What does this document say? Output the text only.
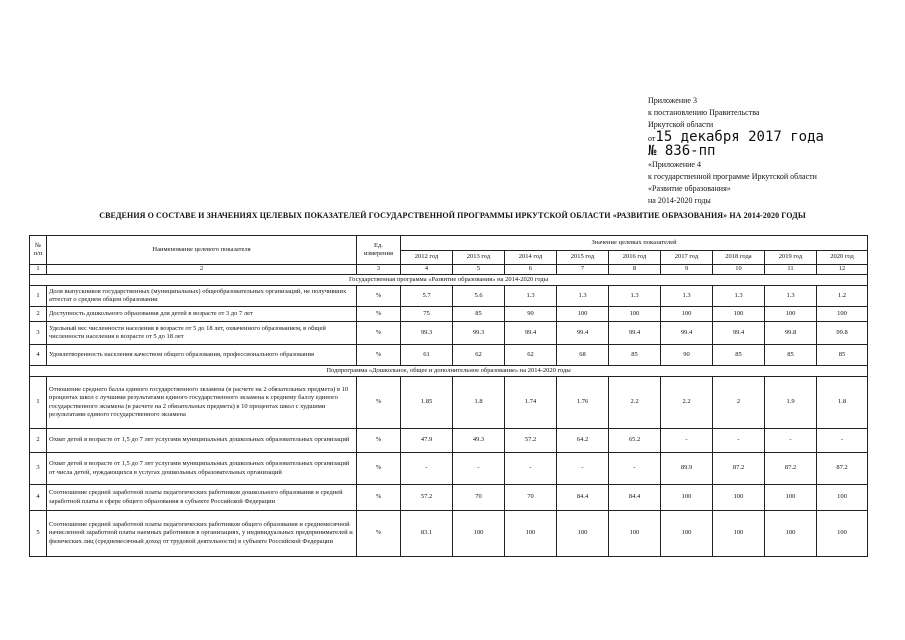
Приложение 3
к постановлению Правительства
Иркутской области
от15 декабря 2017 года
№ 836-пп
«Приложение 4
к государственной программе Иркутской области
«Развитие образования»
на 2014-2020 годы
СВЕДЕНИЯ О СОСТАВЕ И ЗНАЧЕНИЯХ ЦЕЛЕВЫХ ПОКАЗАТЕЛЕЙ ГОСУДАРСТВЕННОЙ ПРОГРАММЫ ИРКУТСКОЙ ОБЛАСТИ «РАЗВИТИЕ ОБРАЗОВАНИЯ» НА 2014-2020 ГОДЫ
№ п/п	Наименование целевого показателя	Ед. измерения	Значение целевых показателей								
			2012 год	2013 год	2014 год	2015 год	2016 год	2017 год	2018 года	2019 год	2020 год
1	2	3	4	5	6	7	8	9	10	11	12
Государственная программа «Развитие образования» на 2014-2020 годы											
1	Доля выпускников государственных (муниципальных) общеобразовательных организаций, не получивших аттестат о среднем общем образовании	%	5.7	5.6	1.3	1.3	1.3	1.3	1.3	1.3	1.2
2	Доступность дошкольного образования для детей в возрасте от 3 до 7 лет	%	75	85	90	100	100	100	100	100	100
3	Удельный вес численности населения в возрасте от 5 до 18 лет, охваченного образованием, в общей численности населения в возрасте от 5 до 18 лет	%	99.3	99.3	99.4	99.4	99.4	99.4	99.4	99.8	99.8
4	Удовлетворенность населения качеством общего образования, профессионального образования	%	61	62	62	68	85	90	85	85	85
Подпрограмма «Дошкольное, общее и дополнительное образование» на 2014-2020 годы											
1	Отношение среднего балла единого государственного экзамена (в расчете на 2 обязательных предмета) в 10 процентах школ с лучшими результатами единого государственного экзамена к среднему баллу единого государственного экзамена (в расчете на 2 обязательных предмета) в 10 процентах школ с худшими результатами единого государственного экзамена	%	1.85	1.8	1.74	1.76	2.2	2.2	2	1.9	1.8
2	Охват детей в возрасте от 1,5 до 7 лет услугами муниципальных дошкольных образовательных организаций	%	47.9	49.3	57.2	64.2	65.2	-	-	-	-
3	Охват детей в возрасте от 1,5 до 7 лет услугами муниципальных дошкольных образовательных организаций от числа детей, нуждающихся в услугах дошкольных образовательных организаций	%	-	-	-	-	-	89.9	87.2	87.2	87.2
4	Соотношение средней заработной платы педагогических работников дошкольного образования и средней заработной платы в сфере общего образования в субъекте Российской Федерации	%	57.2	70	70	84.4	84.4	100	100	100	100
5	Соотношение средней заработной платы педагогических работников общего образования и среднемесячной начисленной заработной платы наемных работников в организациях, у индивидуальных предпринимателей и физических лиц (среднемесячный доход от трудовой деятельности) в субъекте Российской Федерации	%	83.1	100	100	100	100	100	100	100	100
